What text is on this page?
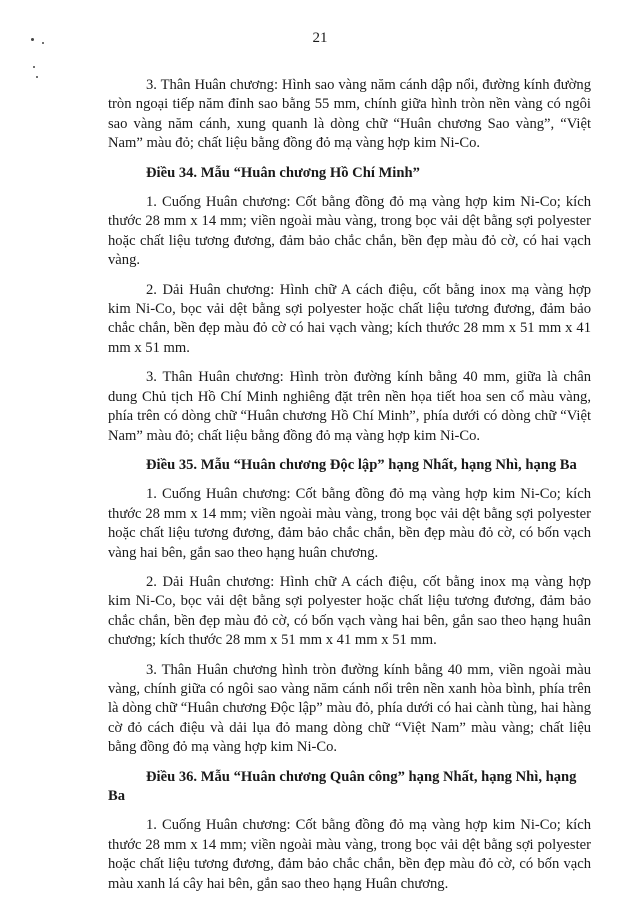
21

3. Thân Huân chương: Hình sao vàng năm cánh dập nổi, đường kính đường tròn ngoại tiếp năm đỉnh sao bằng 55 mm, chính giữa hình tròn nền vàng có ngôi sao vàng năm cánh, xung quanh là dòng chữ “Huân chương Sao vàng”, “Việt Nam” màu đỏ; chất liệu bằng đồng đỏ mạ vàng hợp kim Ni-Co.

Điều 34. Mẫu “Huân chương Hồ Chí Minh”

1. Cuống Huân chương: Cốt bằng đồng đỏ mạ vàng hợp kim Ni-Co; kích thước 28 mm x 14 mm; viền ngoài màu vàng, trong bọc vải dệt bằng sợi polyester hoặc chất liệu tương đương, đảm bảo chắc chắn, bền đẹp màu đỏ cờ, có hai vạch vàng.

2. Dải Huân chương: Hình chữ A cách điệu, cốt bằng inox mạ vàng hợp kim Ni-Co, bọc vải dệt bằng sợi polyester hoặc chất liệu tương đương, đảm bảo chắc chắn, bền đẹp màu đỏ cờ có hai vạch vàng; kích thước 28 mm x 51 mm x 41 mm x 51 mm.

3. Thân Huân chương: Hình tròn đường kính bằng 40 mm, giữa là chân dung Chủ tịch Hồ Chí Minh nghiêng đặt trên nền họa tiết hoa sen cổ màu vàng, phía trên có dòng chữ “Huân chương Hồ Chí Minh”, phía dưới có dòng chữ “Việt Nam” màu đỏ; chất liệu bằng đồng đỏ mạ vàng hợp kim Ni-Co.

Điều 35. Mẫu “Huân chương Độc lập” hạng Nhất, hạng Nhì, hạng Ba

1. Cuống Huân chương: Cốt bằng đồng đỏ mạ vàng hợp kim Ni-Co; kích thước 28 mm x 14 mm; viền ngoài màu vàng, trong bọc vải dệt bằng sợi polyester hoặc chất liệu tương đương, đảm bảo chắc chắn, bền đẹp màu đỏ cờ, có bốn vạch vàng hai bên, gắn sao theo hạng huân chương.

2. Dải Huân chương: Hình chữ A cách điệu, cốt bằng inox mạ vàng hợp kim Ni-Co, bọc vải dệt bằng sợi polyester hoặc chất liệu tương đương, đảm bảo chắc chắn, bền đẹp màu đỏ cờ, có bốn vạch vàng hai bên, gắn sao theo hạng huân chương; kích thước 28 mm x 51 mm x 41 mm x 51 mm.

3. Thân Huân chương hình tròn đường kính bằng 40 mm, viền ngoài màu vàng, chính giữa có ngôi sao vàng năm cánh nổi trên nền xanh hòa bình, phía trên là dòng chữ “Huân chương Độc lập” màu đỏ, phía dưới có hai cành tùng, hai hàng cờ đỏ cách điệu và dải lụa đỏ mang dòng chữ “Việt Nam” màu vàng; chất liệu bằng đồng đỏ mạ vàng hợp kim Ni-Co.

Điều 36. Mẫu “Huân chương Quân công” hạng Nhất, hạng Nhì, hạng Ba

1. Cuống Huân chương: Cốt bằng đồng đỏ mạ vàng hợp kim Ni-Co; kích thước 28 mm x 14 mm; viền ngoài màu vàng, trong bọc vải dệt bằng sợi polyester hoặc chất liệu tương đương, đảm bảo chắc chắn, bền đẹp màu đỏ cờ, có bốn vạch màu xanh lá cây hai bên, gắn sao theo hạng Huân chương.
